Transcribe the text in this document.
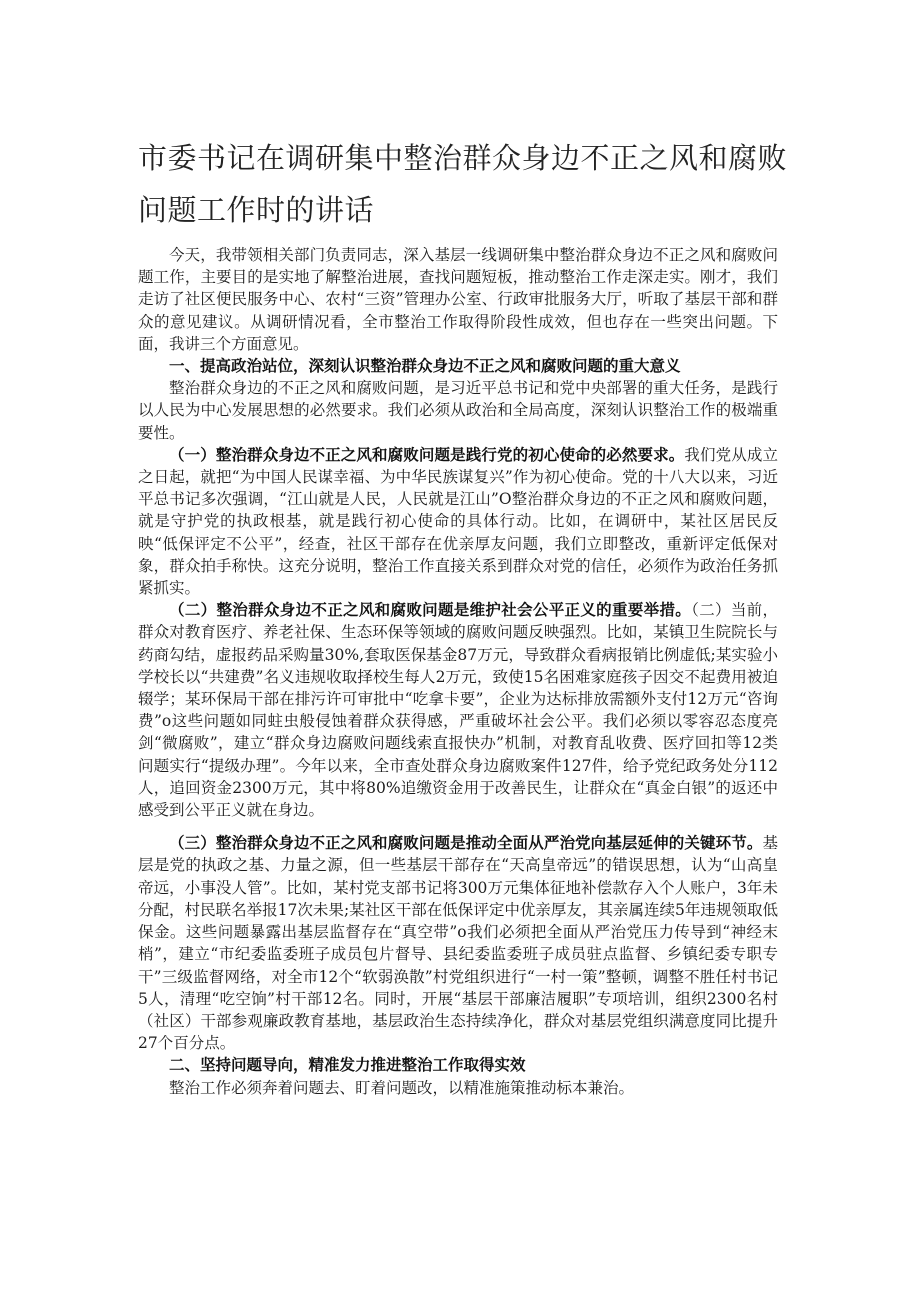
市委书记在调研集中整治群众身边不正之风和腐败
问题工作时的讲话

今天，我带领相关部门负责同志，深入基层一线调研集中整治群众身边不正之风和腐败问题工作，主要目的是实地了解整治进展，查找问题短板，推动整治工作走深走实。刚才，我们走访了社区便民服务中心、农村“三资”管理办公室、行政审批服务大厅，听取了基层干部和群众的意见建议。从调研情况看，全市整治工作取得阶段性成效，但也存在一些突出问题。下面，我讲三个方面意见。

一、提高政治站位，深刻认识整治群众身边不正之风和腐败问题的重大意义

整治群众身边的不正之风和腐败问题，是习近平总书记和党中央部署的重大任务，是践行以人民为中心发展思想的必然要求。我们必须从政治和全局高度，深刻认识整治工作的极端重要性。

（一）整治群众身边不正之风和腐败问题是践行党的初心使命的必然要求。我们党从成立之日起，就把“为中国人民谋幸福、为中华民族谋复兴”作为初心使命。党的十八大以来，习近平总书记多次强调，“江山就是人民，人民就是江山”O整治群众身边的不正之风和腐败问题，就是守护党的执政根基，就是践行初心使命的具体行动。比如，在调研中，某社区居民反映“低保评定不公平”，经查，社区干部存在优亲厚友问题，我们立即整改，重新评定低保对象，群众拍手称快。这充分说明，整治工作直接关系到群众对党的信任，必须作为政治任务抓紧抓实。

（二）整治群众身边不正之风和腐败问题是维护社会公平正义的重要举措。（二）当前，群众对教育医疗、养老社保、生态环保等领域的腐败问题反映强烈。比如，某镇卫生院院长与药商勾结，虚报药品采购量30%,套取医保基金87万元，导致群众看病报销比例虚低;某实验小学校长以“共建费”名义违规收取择校生每人2万元，致使15名困难家庭孩子因交不起费用被迫辍学；某环保局干部在排污许可审批中“吃拿卡要”，企业为达标排放需额外支付12万元“咨询费”o这些问题如同蛀虫般侵蚀着群众获得感，严重破坏社会公平。我们必须以零容忍态度亮剑“微腐败”，建立“群众身边腐败问题线索直报快办”机制，对教育乱收费、医疗回扣等12类问题实行“提级办理”。今年以来，全市查处群众身边腐败案件127件，给予党纪政务处分112人，追回资金2300万元，其中将80%追缴资金用于改善民生，让群众在“真金白银”的返还中感受到公平正义就在身边。

（三）整治群众身边不正之风和腐败问题是推动全面从严治党向基层延伸的关键环节。基层是党的执政之基、力量之源，但一些基层干部存在“天高皇帝远”的错误思想，认为“山高皇帝远，小事没人管”。比如，某村党支部书记将300万元集体征地补偿款存入个人账户，3年未分配，村民联名举报17次未果;某社区干部在低保评定中优亲厚友，其亲属连续5年违规领取低保金。这些问题暴露出基层监督存在“真空带”o我们必须把全面从严治党压力传导到“神经末梢”，建立“市纪委监委班子成员包片督导、县纪委监委班子成员驻点监督、乡镇纪委专职专干”三级监督网络，对全市12个“软弱涣散”村党组织进行“一村一策”整顿，调整不胜任村书记5人，清理“吃空饷”村干部12名。同时，开展“基层干部廉洁履职”专项培训，组织2300名村（社区）干部参观廉政教育基地，基层政治生态持续净化，群众对基层党组织满意度同比提升27个百分点。

二、坚持问题导向，精准发力推进整治工作取得实效

整治工作必须奔着问题去、盯着问题改，以精准施策推动标本兼治。
